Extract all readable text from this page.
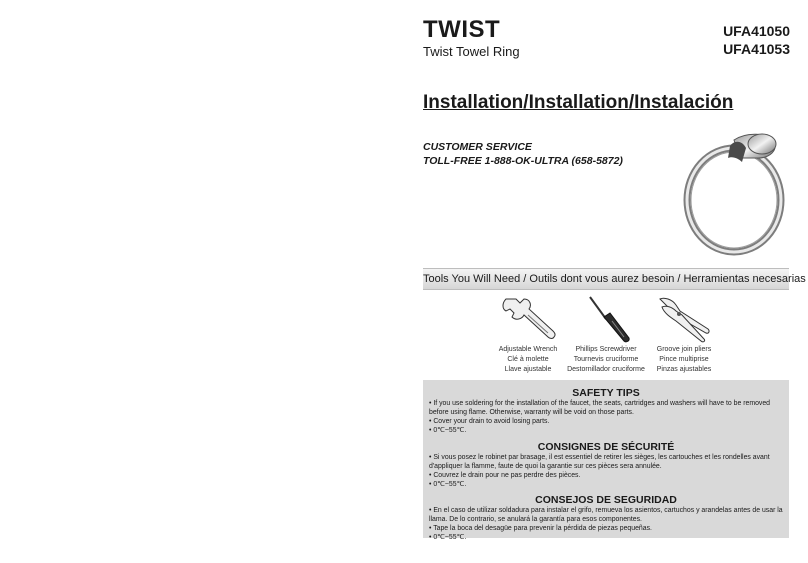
TWIST
Twist Towel Ring
UFA41050
UFA41053
Installation/Installation/Instalación
CUSTOMER SERVICE
TOLL-FREE 1-888-OK-ULTRA (658-5872)
Tools You Will Need / Outils dont vous aurez besoin / Herramientas necesarias
Adjustable Wrench
Clé à molette
Llave ajustable
Phillips Screwdriver
Tournevis cruciforme
Destornillador cruciforme
Groove join pliers
Pince multiprise
Pinzas ajustables
SAFETY TIPS
• If you use soldering for the installation of the faucet, the seats, cartridges and washers will have to be removed before using flame. Otherwise, warranty will be void on those parts.
• Cover your drain to avoid losing parts.
• 0℃~55℃.
CONSIGNES DE SÉCURITÉ
• Si vous posez le robinet par brasage, il est essentiel de retirer les sièges, les cartouches et les rondelles avant d'appliquer la flamme, faute de quoi la garantie sur ces pièces sera annulée.
• Couvrez le drain pour ne pas perdre des pièces.
• 0℃~55℃.
CONSEJOS DE SEGURIDAD
• En el caso de utilizar soldadura para instalar el grifo, remueva los asientos, cartuchos y arandelas antes de usar la llama. De lo contrario, se anulará la garantía para esos componentes.
• Tape la boca del desagüe para prevenir la pérdida de piezas pequeñas.
• 0℃~55℃.
